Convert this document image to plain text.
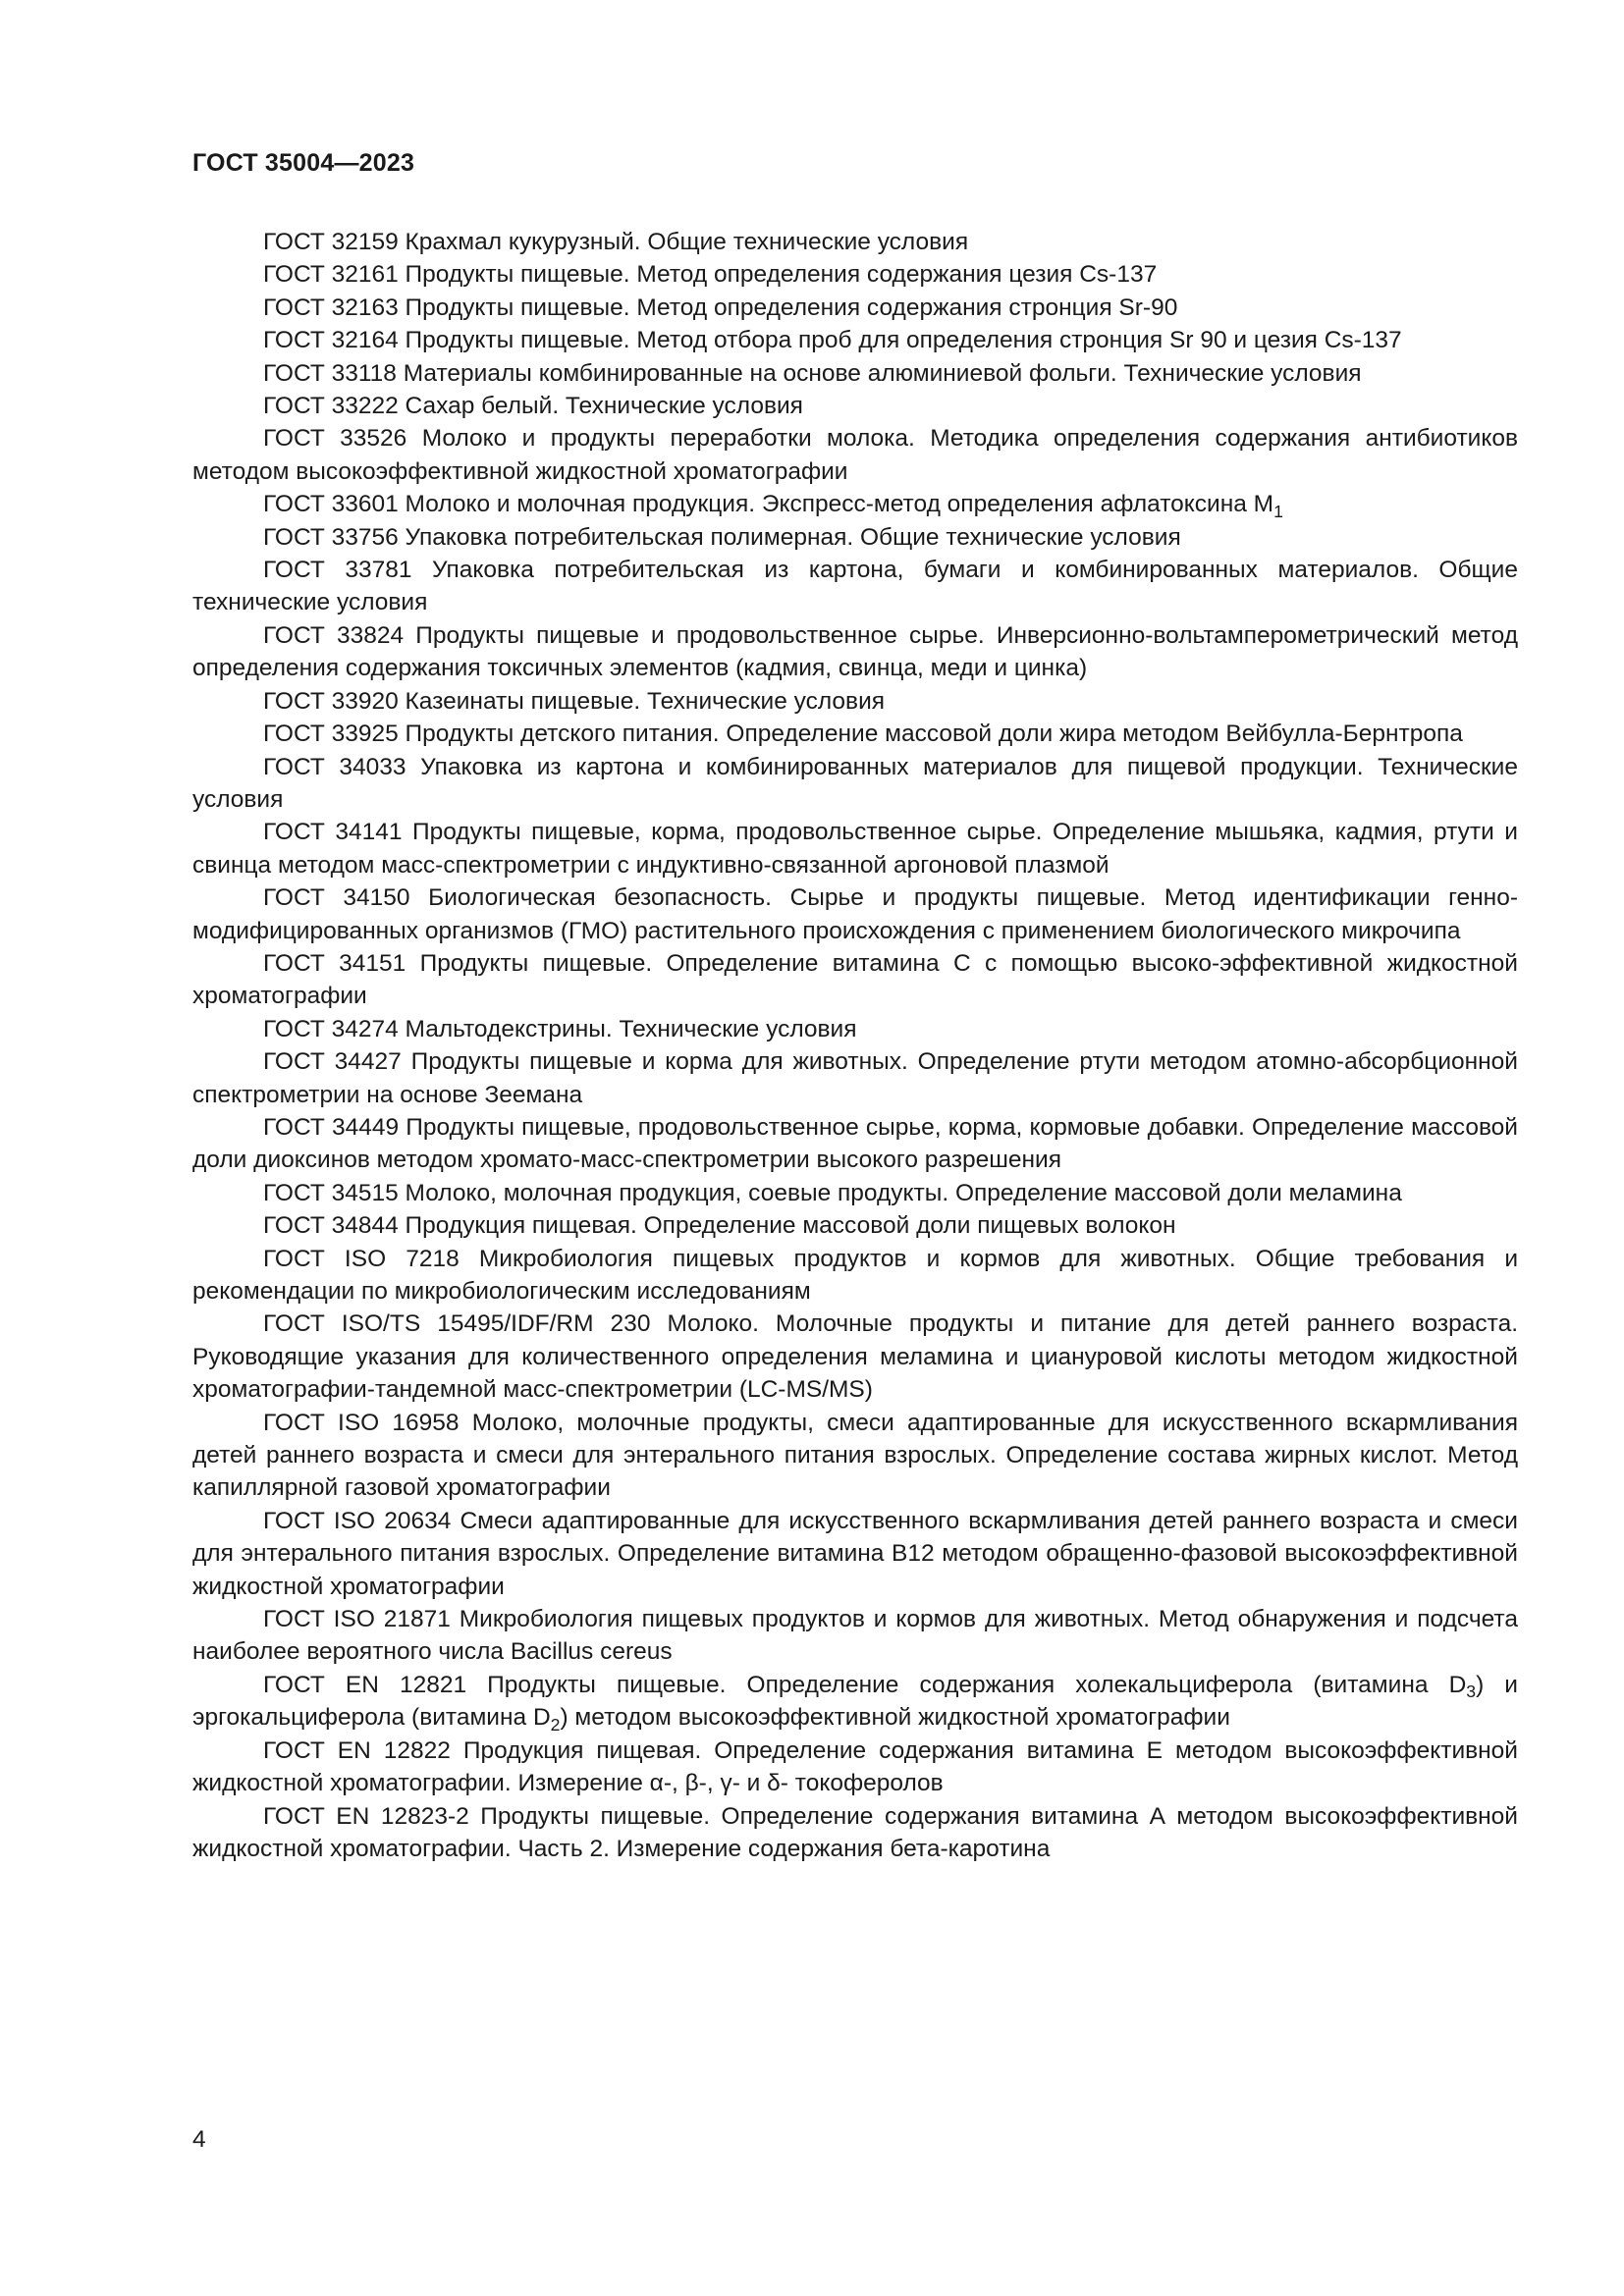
ГОСТ 35004—2023

ГОСТ 32159 Крахмал кукурузный. Общие технические условия

ГОСТ 32161 Продукты пищевые. Метод определения содержания цезия Cs-137

ГОСТ 32163 Продукты пищевые. Метод определения содержания стронция Sr-90

ГОСТ 32164 Продукты пищевые. Метод отбора проб для определения стронция Sr 90 и цезия Cs-137

ГОСТ 33118 Материалы комбинированные на основе алюминиевой фольги. Технические условия

ГОСТ 33222 Сахар белый. Технические условия

ГОСТ 33526 Молоко и продукты переработки молока. Методика определения содержания антибиотиков методом высокоэффективной жидкостной хроматографии

ГОСТ 33601 Молоко и молочная продукция. Экспресс-метод определения афлатоксина $M_1$

ГОСТ 33756 Упаковка потребительская полимерная. Общие технические условия

ГОСТ 33781 Упаковка потребительская из картона, бумаги и комбинированных материалов. Общие технические условия

ГОСТ 33824 Продукты пищевые и продовольственное сырье. Инверсионно-вольтамперометрический метод определения содержания токсичных элементов (кадмия, свинца, меди и цинка)

ГОСТ 33920 Казеинаты пищевые. Технические условия

ГОСТ 33925 Продукты детского питания. Определение массовой доли жира методом Вейбулла-Бернтропа

ГОСТ 34033 Упаковка из картона и комбинированных материалов для пищевой продукции. Технические условия

ГОСТ 34141 Продукты пищевые, корма, продовольственное сырье. Определение мышьяка, кадмия, ртути и свинца методом масс-спектрометрии с индуктивно-связанной аргоновой плазмой

ГОСТ 34150 Биологическая безопасность. Сырье и продукты пищевые. Метод идентификации генно-модифицированных организмов (ГМО) растительного происхождения с применением биологического микрочипа

ГОСТ 34151 Продукты пищевые. Определение витамина С с помощью высоко-эффективной жидкостной хроматографии

ГОСТ 34274 Мальтодекстрины. Технические условия

ГОСТ 34427 Продукты пищевые и корма для животных. Определение ртути методом атомно-абсорбционной спектрометрии на основе Зеемана

ГОСТ 34449 Продукты пищевые, продовольственное сырье, корма, кормовые добавки. Определение массовой доли диоксинов методом хромато-масс-спектрометрии высокого разрешения

ГОСТ 34515 Молоко, молочная продукция, соевые продукты. Определение массовой доли меламина

ГОСТ 34844 Продукция пищевая. Определение массовой доли пищевых волокон

ГОСТ ISO 7218 Микробиология пищевых продуктов и кормов для животных. Общие требования и рекомендации по микробиологическим исследованиям

ГОСТ ISO/TS 15495/IDF/RM 230 Молоко. Молочные продукты и питание для детей раннего возраста. Руководящие указания для количественного определения меламина и циануровой кислоты методом жидкостной хроматографии-тандемной масс-спектрометрии (LC-MS/MS)

ГОСТ ISO 16958 Молоко, молочные продукты, смеси адаптированные для искусственного вскармливания детей раннего возраста и смеси для энтерального питания взрослых. Определение состава жирных кислот. Метод капиллярной газовой хроматографии

ГОСТ ISO 20634 Смеси адаптированные для искусственного вскармливания детей раннего возраста и смеси для энтерального питания взрослых. Определение витамина B12 методом обращенно-фазовой высокоэффективной жидкостной хроматографии

ГОСТ ISO 21871 Микробиология пищевых продуктов и кормов для животных. Метод обнаружения и подсчета наиболее вероятного числа Bacillus cereus

ГОСТ EN 12821 Продукты пищевые. Определение содержания холекальциферола (витамина $D_3$) и эргокальциферола (витамина $D_2$) методом высокоэффективной жидкостной хроматографии

ГОСТ EN 12822 Продукция пищевая. Определение содержания витамина Е методом высокоэффективной жидкостной хроматографии. Измерение α-, β-, γ- и δ- токоферолов

ГОСТ EN 12823-2 Продукты пищевые. Определение содержания витамина А методом высокоэффективной жидкостной хроматографии. Часть 2. Измерение содержания бета-каротина

4
